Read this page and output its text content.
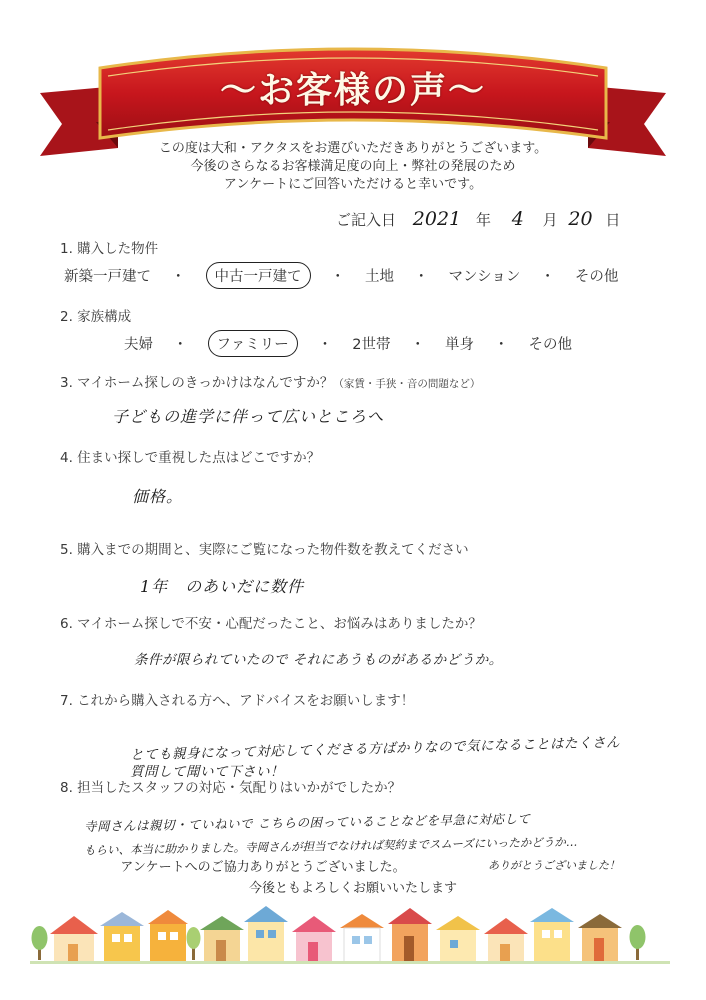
〜お客様の声〜
この度は大和・アクタスをお選びいただきありがとうございます。
今後のさらなるお客様満足度の向上・弊社の発展のため
アンケートにご回答いただけると幸いです。
ご記入日 2021 年 4 月 20 日
1. 購入した物件
新築一戸建て ・ 中古一戸建て ・ 土地 ・ マンション ・ その他
2. 家族構成
夫婦 ・ ファミリー ・ 2世帯 ・ 単身 ・ その他
3. マイホーム探しのきっかけはなんですか？（家賃・手狭・音の問題など）
子どもの進学に伴って広いところへ
4. 住まい探しで重視した点はどこですか？
価格。
5. 購入までの期間と、実際にご覧になった物件数を教えてください
1年　のあいだに数件
6. マイホーム探しで不安・心配だったこと、お悩みはありましたか？
条件が限られていたので それにあうものがあるかどうか。
7. これから購入される方へ、アドバイスをお願いします！
とても親身になって対応してくださる方ばかりなので気になることはたくさん
質問して聞いて下さい！
8. 担当したスタッフの対応・気配りはいかがでしたか？
寺岡さんは親切・ていねいで こちらの困っていることなどを早急に対応して
もらい、本当に助かりました。寺岡さんが担当でなければ契約までスムーズにいったかどうか…
ありがとうございました！
アンケートへのご協力ありがとうございました。
今後ともよろしくお願いいたします
